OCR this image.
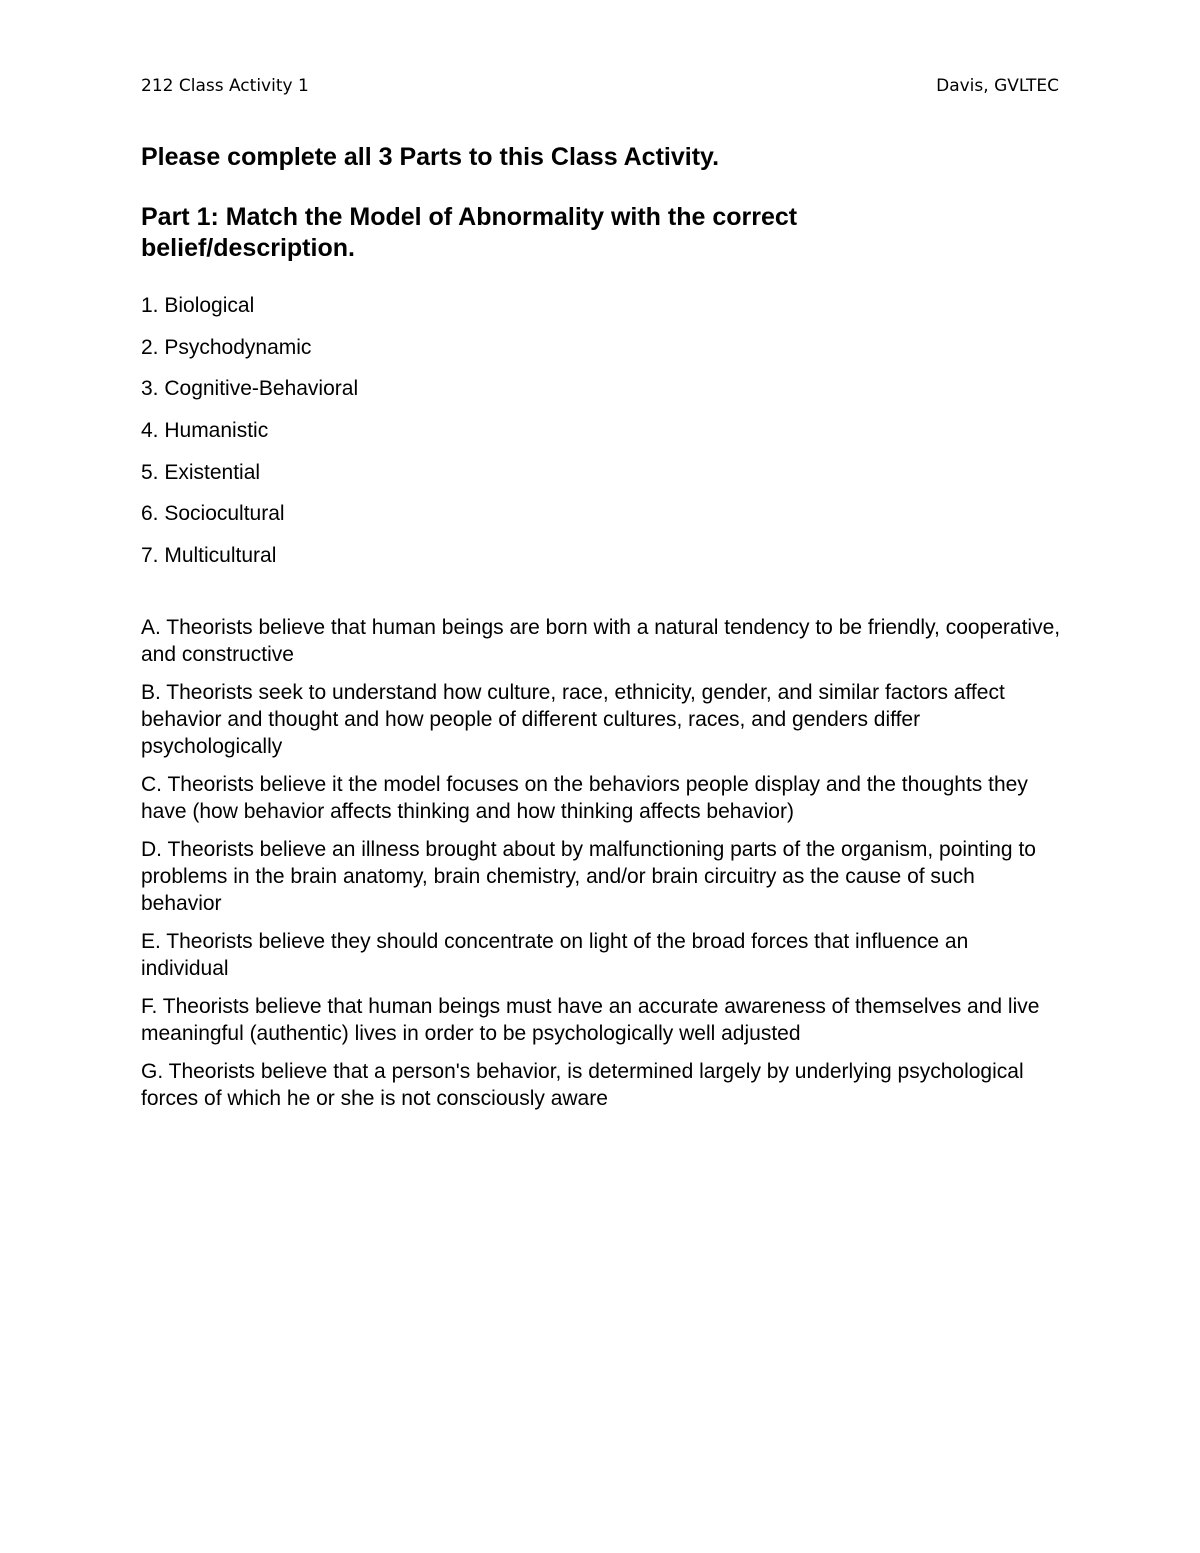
212 Class Activity 1	Davis, GVLTEC
Please complete all 3 Parts to this Class Activity.
Part 1: Match the Model of Abnormality with the correct belief/description.
1. Biological
2. Psychodynamic
3. Cognitive-Behavioral
4. Humanistic
5. Existential
6. Sociocultural
7. Multicultural
A. Theorists believe that human beings are born with a natural tendency to be friendly, cooperative, and constructive
B. Theorists seek to understand how culture, race, ethnicity, gender, and similar factors affect behavior and thought and how people of different cultures, races, and genders differ psychologically
C. Theorists believe it the model focuses on the behaviors people display and the thoughts they have (how behavior affects thinking and how thinking affects behavior)
D. Theorists believe an illness brought about by malfunctioning parts of the organism, pointing to problems in the brain anatomy, brain chemistry, and/or brain circuitry as the cause of such behavior
E. Theorists believe they should concentrate on light of the broad forces that influence an individual
F. Theorists believe that human beings must have an accurate awareness of themselves and live meaningful (authentic) lives in order to be psychologically well adjusted
G. Theorists believe that a person's behavior, is determined largely by underlying psychological forces of which he or she is not consciously aware
